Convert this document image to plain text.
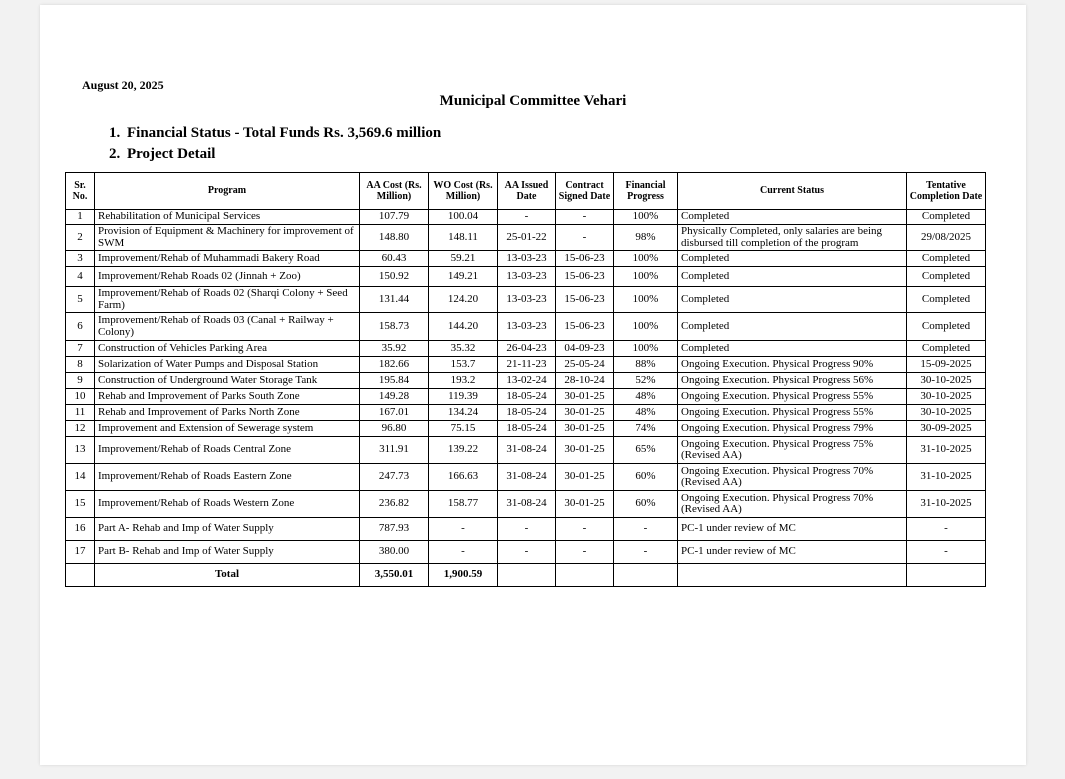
August 20, 2025
Municipal Committee Vehari
1. Financial Status - Total Funds Rs. 3,569.6 million
2. Project Detail
Sr. No.	Program	AA Cost (Rs. Million)	WO Cost (Rs. Million)	AA Issued Date	Contract Signed Date	Financial Progress	Current Status	Tentative Completion Date
1	Rehabilitation of Municipal Services	107.79	100.04	-	-	100%	Completed	Completed
2	Provision of Equipment & Machinery for improvement of SWM	148.80	148.11	25-01-22	-	98%	Physically Completed, only salaries are being disbursed till completion of the program	29/08/2025
3	Improvement/Rehab of Muhammadi Bakery Road	60.43	59.21	13-03-23	15-06-23	100%	Completed	Completed
4	Improvement/Rehab Roads 02 (Jinnah + Zoo)	150.92	149.21	13-03-23	15-06-23	100%	Completed	Completed
5	Improvement/Rehab of Roads 02 (Sharqi Colony + Seed Farm)	131.44	124.20	13-03-23	15-06-23	100%	Completed	Completed
6	Improvement/Rehab of Roads 03 (Canal + Railway + Colony)	158.73	144.20	13-03-23	15-06-23	100%	Completed	Completed
7	Construction of Vehicles Parking Area	35.92	35.32	26-04-23	04-09-23	100%	Completed	Completed
8	Solarization of Water Pumps and Disposal Station	182.66	153.7	21-11-23	25-05-24	88%	Ongoing Execution. Physical Progress 90%	15-09-2025
9	Construction of Underground Water Storage Tank	195.84	193.2	13-02-24	28-10-24	52%	Ongoing Execution. Physical Progress 56%	30-10-2025
10	Rehab and Improvement of Parks South Zone	149.28	119.39	18-05-24	30-01-25	48%	Ongoing Execution. Physical Progress 55%	30-10-2025
11	Rehab and Improvement of Parks North Zone	167.01	134.24	18-05-24	30-01-25	48%	Ongoing Execution. Physical Progress 55%	30-10-2025
12	Improvement and Extension of Sewerage system	96.80	75.15	18-05-24	30-01-25	74%	Ongoing Execution. Physical Progress 79%	30-09-2025
13	Improvement/Rehab of Roads Central Zone	311.91	139.22	31-08-24	30-01-25	65%	Ongoing Execution. Physical Progress 75% (Revised AA)	31-10-2025
14	Improvement/Rehab of Roads Eastern Zone	247.73	166.63	31-08-24	30-01-25	60%	Ongoing Execution. Physical Progress 70% (Revised AA)	31-10-2025
15	Improvement/Rehab of Roads Western Zone	236.82	158.77	31-08-24	30-01-25	60%	Ongoing Execution. Physical Progress 70% (Revised AA)	31-10-2025
16	Part A- Rehab and Imp of Water Supply	787.93	-	-	-	-	PC-1 under review of MC	-
17	Part B- Rehab and Imp of Water Supply	380.00	-	-	-	-	PC-1 under review of MC	-
	Total	3,550.01	1,900.59					
